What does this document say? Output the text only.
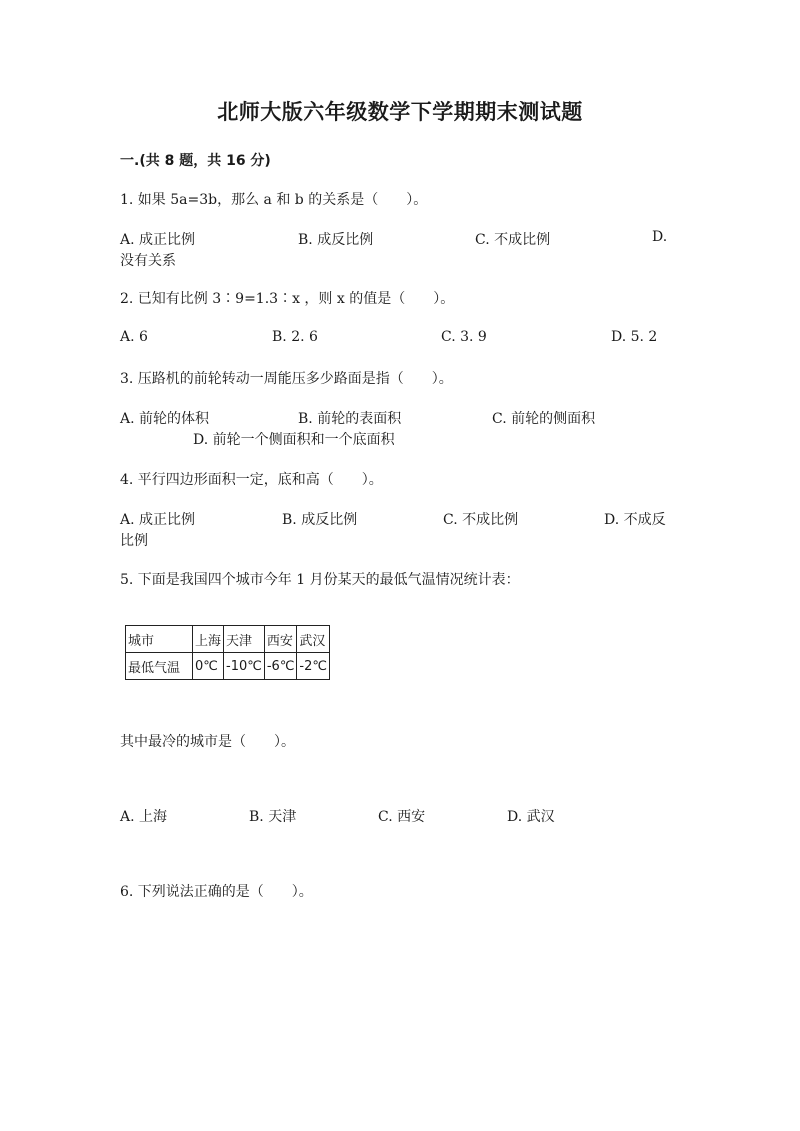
北师大版六年级数学下学期期末测试题
一.(共 8 题，共 16 分)
1. 如果 5a=3b，那么 a 和 b 的关系是（　　）。
A. 成正比例	B. 成反比例	C. 不成比例	D.
没有关系
2. 已知有比例 3∶9=1.3∶x ，则 x 的值是（　　）。
A. 6	B. 2. 6	C. 3. 9	D. 5. 2
3. 压路机的前轮转动一周能压多少路面是指（　　）。
A. 前轮的体积	B. 前轮的表面积	C. 前轮的侧面积
D. 前轮一个侧面积和一个底面积
4. 平行四边形面积一定，底和高（　　）。
A. 成正比例	B. 成反比例	C. 不成比例	D. 不成反
比例
5. 下面是我国四个城市今年 1 月份某天的最低气温情况统计表：
城市	上海	天津	西安	武汉
最低气温	0℃	-10℃	-6℃	-2℃
其中最冷的城市是（　　）。
A. 上海	B. 天津	C. 西安	D. 武汉
6. 下列说法正确的是（　　）。
